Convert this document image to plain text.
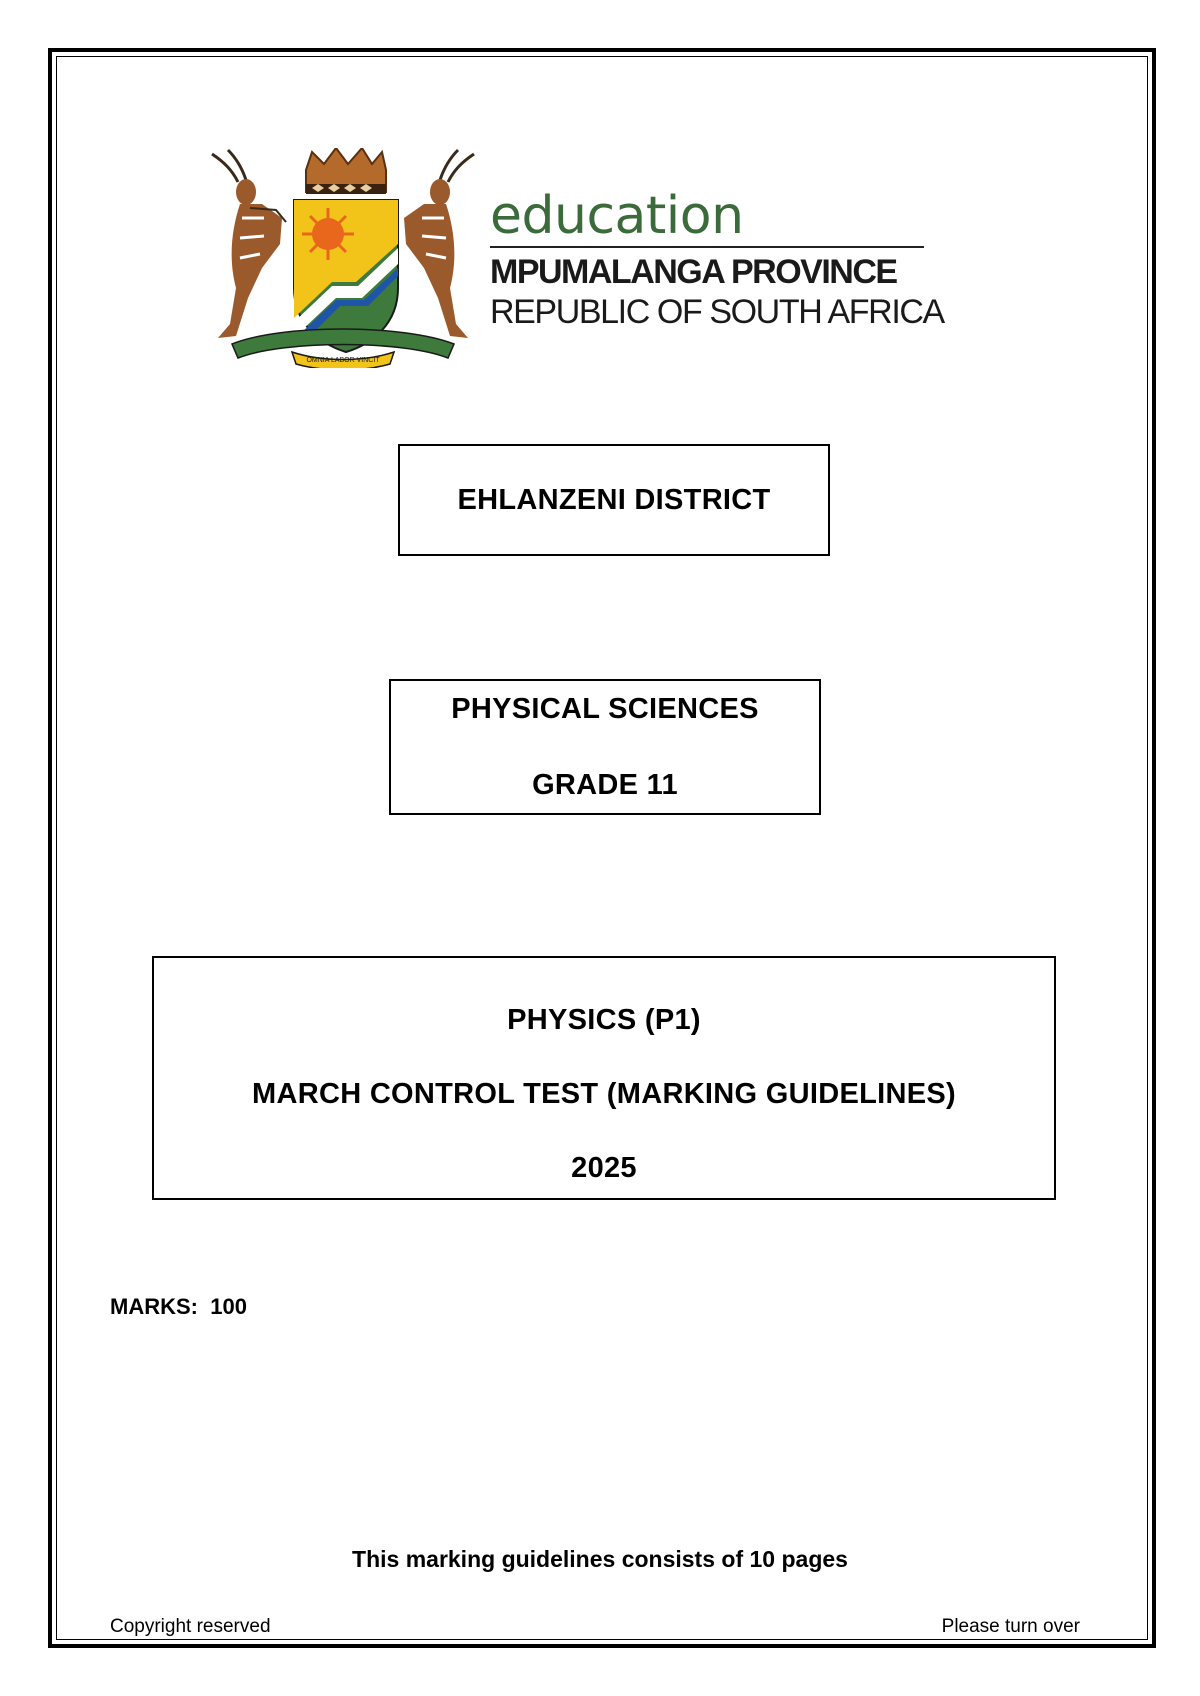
OMNIA LABOR VINCIT
education
MPUMALANGA PROVINCE
REPUBLIC OF SOUTH AFRICA
EHLANZENI DISTRICT
PHYSICAL SCIENCES
GRADE 11
PHYSICS (P1)
MARCH CONTROL TEST (MARKING GUIDELINES)
2025
MARKS: 100
This marking guidelines consists of 10 pages
Copyright reserved	Please turn over
